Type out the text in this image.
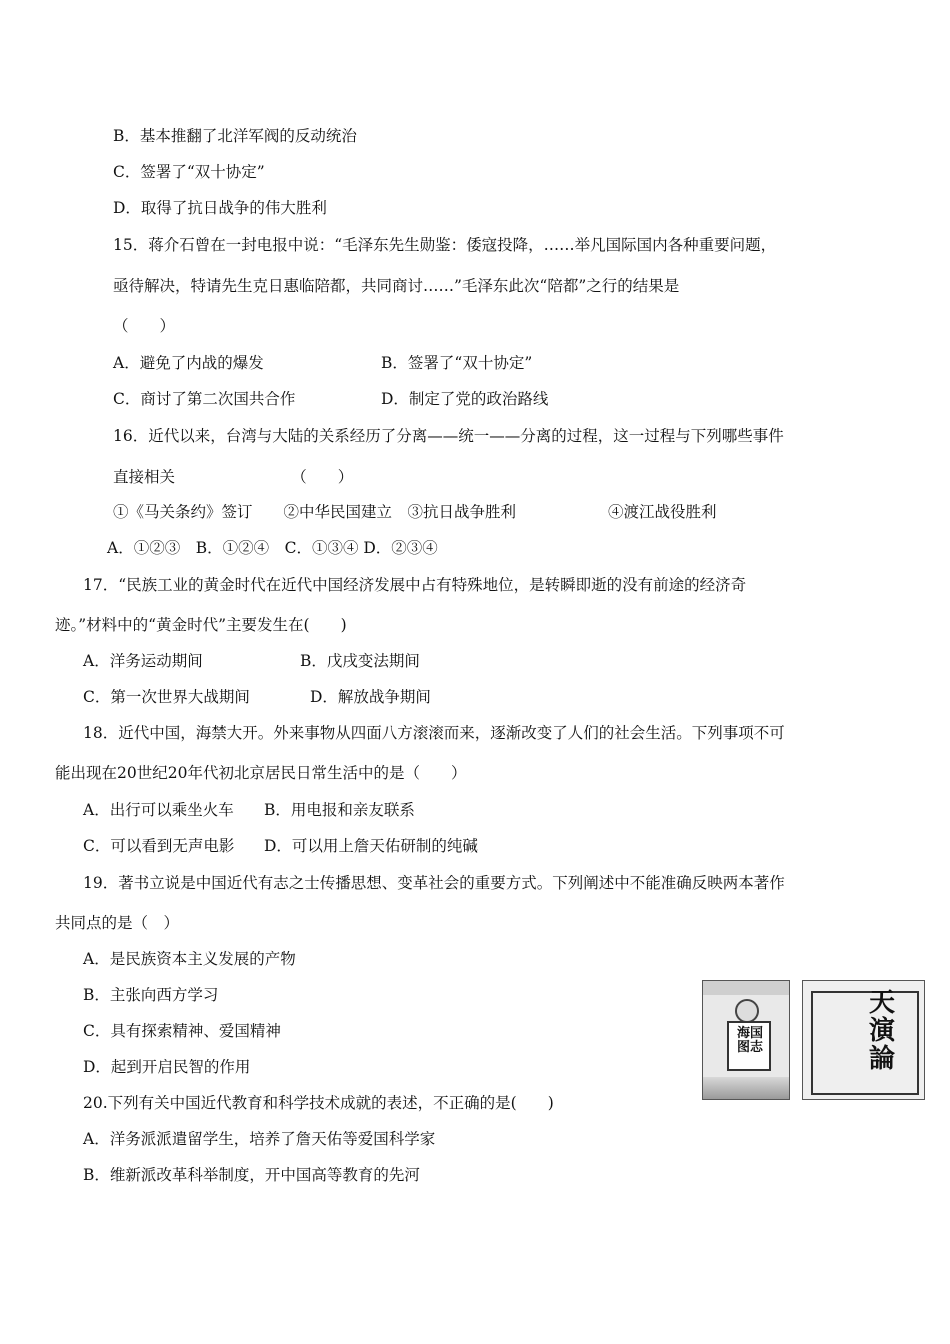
B．基本推翻了北洋军阀的反动统治
C．签署了“双十协定”
D．取得了抗日战争的伟大胜利
15．蒋介石曾在一封电报中说：“毛泽东先生勋鉴：倭寇投降，……举凡国际国内各种重要问题，
亟待解决，特请先生克日惠临陪都，共同商讨……”毛泽东此次“陪都”之行的结果是
（　　）
A．避免了内战的爆发	B．签署了“双十协定”
C．商讨了第二次国共合作	D．制定了党的政治路线
16．近代以来，台湾与大陆的关系经历了分离——统一——分离的过程，这一过程与下列哪些事件
直接相关　　　　　　　　（　　）
①《马关条约》签订　　②中华民国建立　③抗日战争胜利	④渡江战役胜利
A．①②③　B．①②④　C．①③④ D．②③④
17．“民族工业的黄金时代在近代中国经济发展中占有特殊地位，是转瞬即逝的没有前途的经济奇
迹。”材料中的“黄金时代”主要发生在(　　)
A．洋务运动期间	B．戊戌变法期间
C．第一次世界大战期间	D．解放战争期间
18．近代中国，海禁大开。外来事物从四面八方滚滚而来，逐渐改变了人们的社会生活。下列事项不可
能出现在20世纪20年代初北京居民日常生活中的是（　　）
A．出行可以乘坐火车 B．用电报和亲友联系
C．可以看到无声电影 D．可以用上詹天佑研制的纯碱
19．著书立说是中国近代有志之士传播思想、变革社会的重要方式。下列阐述中不能准确反映两本著作
共同点的是（　）
A．是民族资本主义发展的产物
B．主张向西方学习
C．具有探索精神、爱国精神
D．起到开启民智的作用
20.下列有关中国近代教育和科学技术成就的表述，不正确的是(　　)
A．洋务派派遣留学生，培养了詹天佑等爱国科学家
B．维新派改革科举制度，开中国高等教育的先河
海国图志
天演論
